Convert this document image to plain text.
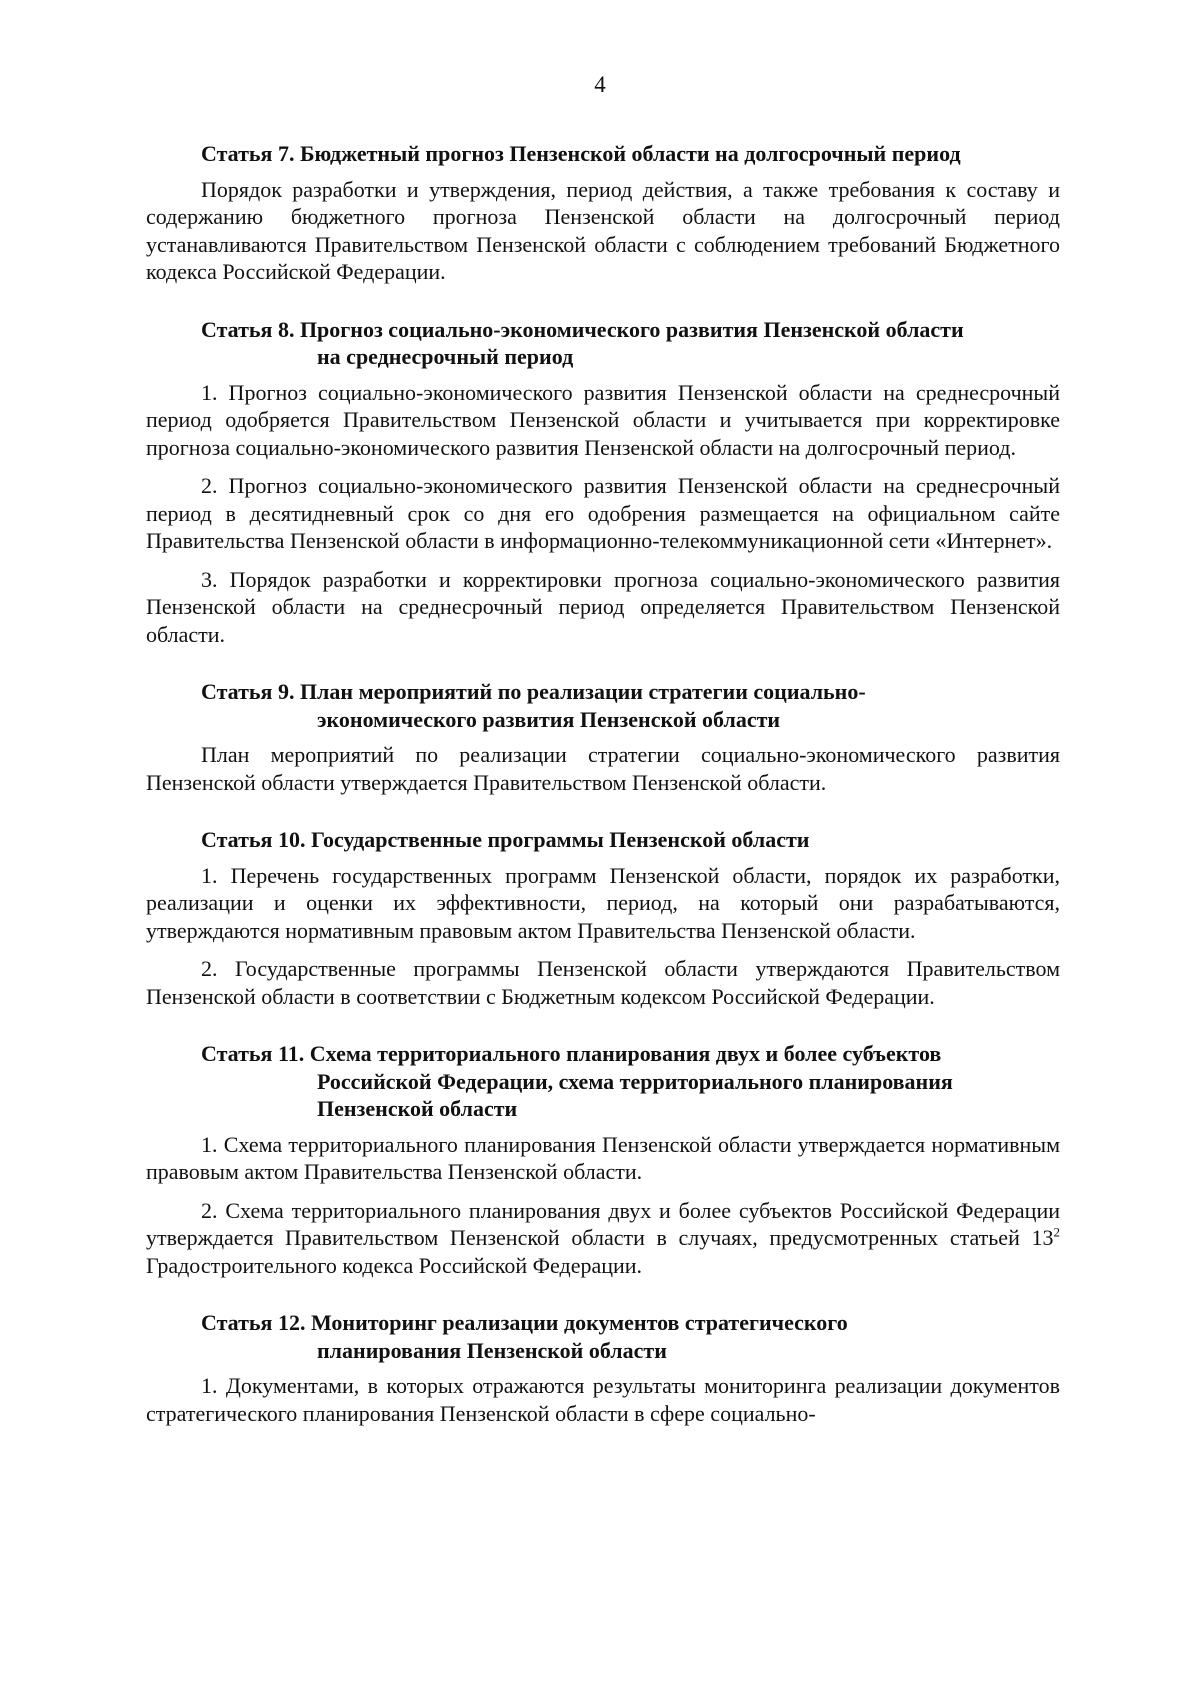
4
Статья 7. Бюджетный прогноз Пензенской области на долгосрочный период

Порядок разработки и утверждения, период действия, а также требования к составу и содержанию бюджетного прогноза Пензенской области на долгосрочный период устанавливаются Правительством Пензенской области с соблюдением требований Бюджетного кодекса Российской Федерации.

Статья 8. Прогноз социально-экономического развития Пензенской области
на среднесрочный период

1. Прогноз социально-экономического развития Пензенской области на среднесрочный период одобряется Правительством Пензенской области и учитывается при корректировке прогноза социально-экономического развития Пензенской области на долгосрочный период.

2. Прогноз социально-экономического развития Пензенской области на среднесрочный период в десятидневный срок со дня его одобрения размещается на официальном сайте Правительства Пензенской области в информационно-телекоммуникационной сети «Интернет».

3. Порядок разработки и корректировки прогноза социально-экономического развития Пензенской области на среднесрочный период определяется Правительством Пензенской области.

Статья 9. План мероприятий по реализации стратегии социально-
экономического развития Пензенской области

План мероприятий по реализации стратегии социально-экономического развития Пензенской области утверждается Правительством Пензенской области.

Статья 10. Государственные программы Пензенской области

1. Перечень государственных программ Пензенской области, порядок их разработки, реализации и оценки их эффективности, период, на который они разрабатываются, утверждаются нормативным правовым актом Правительства Пензенской области.

2. Государственные программы Пензенской области утверждаются Правительством Пензенской области в соответствии с Бюджетным кодексом Российской Федерации.

Статья 11. Схема территориального планирования двух и более субъектов
Российской Федерации, схема территориального планирования
Пензенской области

1. Схема территориального планирования Пензенской области утверждается нормативным правовым актом Правительства Пензенской области.

2. Схема территориального планирования двух и более субъектов Российской Федерации утверждается Правительством Пензенской области в случаях, предусмотренных статьей $13^2$ Градостроительного кодекса Российской Федерации.

Статья 12. Мониторинг реализации документов стратегического
планирования Пензенской области

1. Документами, в которых отражаются результаты мониторинга реализации документов стратегического планирования Пензенской области в сфере социально-
